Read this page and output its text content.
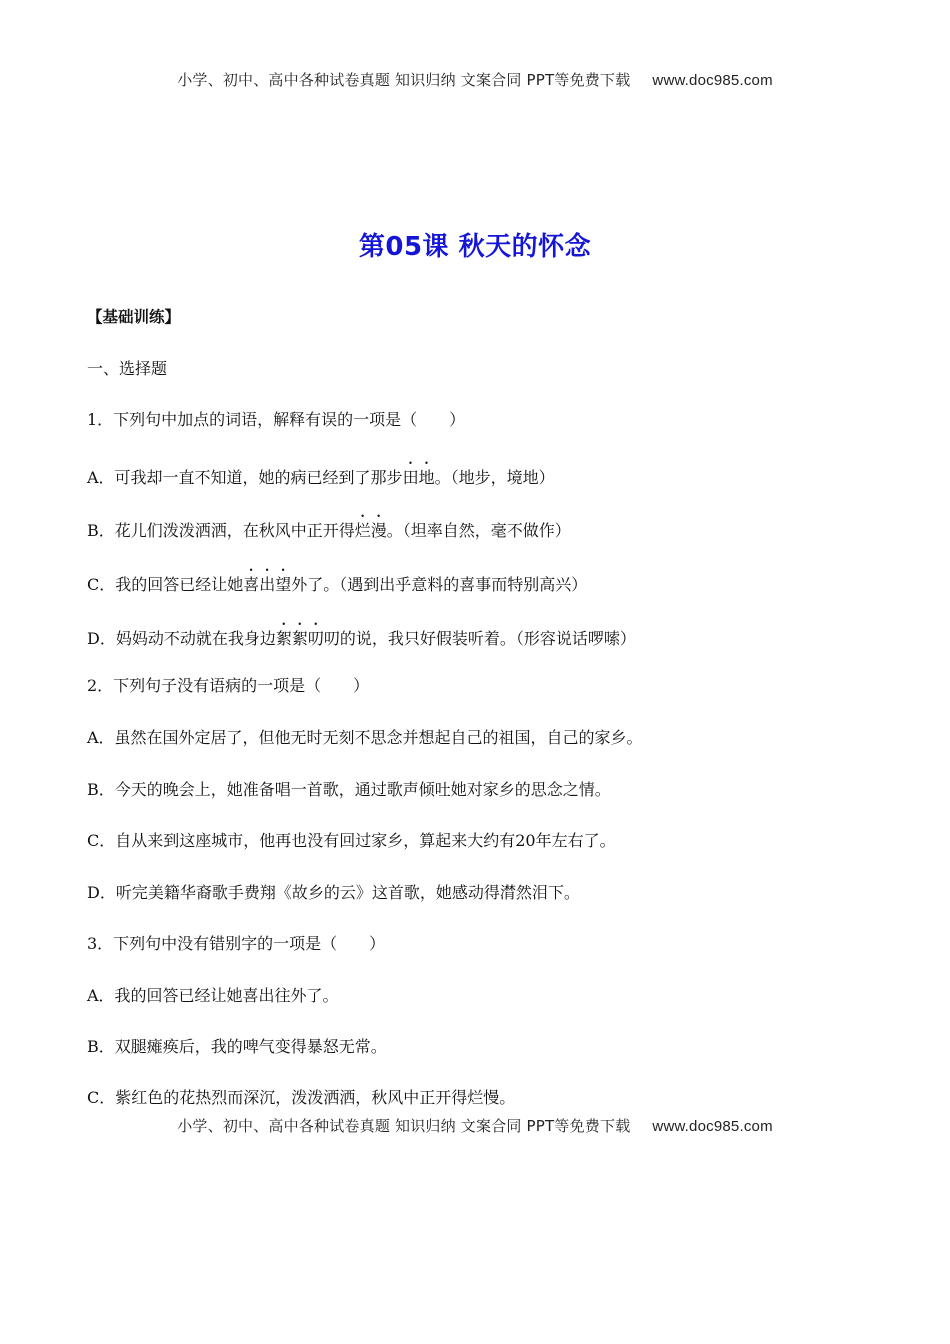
小学、初中、高中各种试卷真题 知识归纳 文案合同 PPT等免费下载 www.doc985.com
第05课 秋天的怀念
【基础训练】
一、选择题
1．下列句中加点的词语，解释有误的一项是（　　）
A．可我却一直不知道，她的病已经到了那步田地。（地步，境地）
B．花儿们泼泼洒洒，在秋风中正开得烂漫。（坦率自然，毫不做作）
C．我的回答已经让她喜出望外了。（遇到出乎意料的喜事而特别高兴）
D．妈妈动不动就在我身边絮絮叨叨的说，我只好假装听着。（形容说话啰嗦）
2．下列句子没有语病的一项是（　　）
A．虽然在国外定居了，但他无时无刻不思念并想起自己的祖国，自己的家乡。
B．今天的晚会上，她准备唱一首歌，通过歌声倾吐她对家乡的思念之情。
C．自从来到这座城市，他再也没有回过家乡，算起来大约有20年左右了。
D．听完美籍华裔歌手费翔《故乡的云》这首歌，她感动得潸然泪下。
3．下列句中没有错别字的一项是（　　）
A．我的回答已经让她喜出往外了。
B．双腿瘫痪后，我的啤气变得暴怒无常。
C．紫红色的花热烈而深沉，泼泼洒洒，秋风中正开得烂慢。
小学、初中、高中各种试卷真题 知识归纳 文案合同 PPT等免费下载 www.doc985.com
